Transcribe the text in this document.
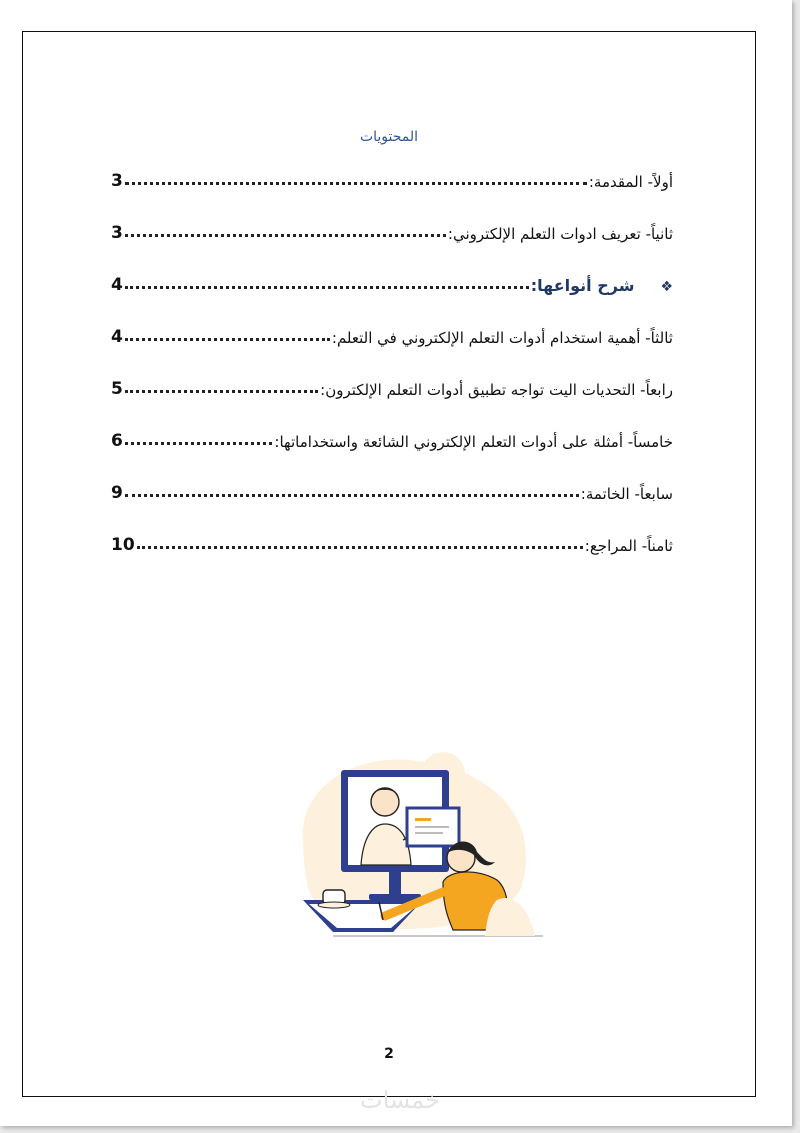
المحتويات
أولاً- المقدمة:
3
ثانياً- تعريف ادوات التعلم الإلكتروني:
3
❖
شرح أنواعها:
4
ثالثاً- أهمية استخدام أدوات التعلم الإلكتروني في التعلم:
4
رابعاً- التحديات اليت تواجه تطبيق أدوات التعلم الإلكترون:
5
خامساً- أمثلة على أدوات التعلم الإلكتروني الشائعة واستخداماتها:
6
سابعاً- الخاتمة:
9
ثامناً- المراجع:
10
2
خمسات
